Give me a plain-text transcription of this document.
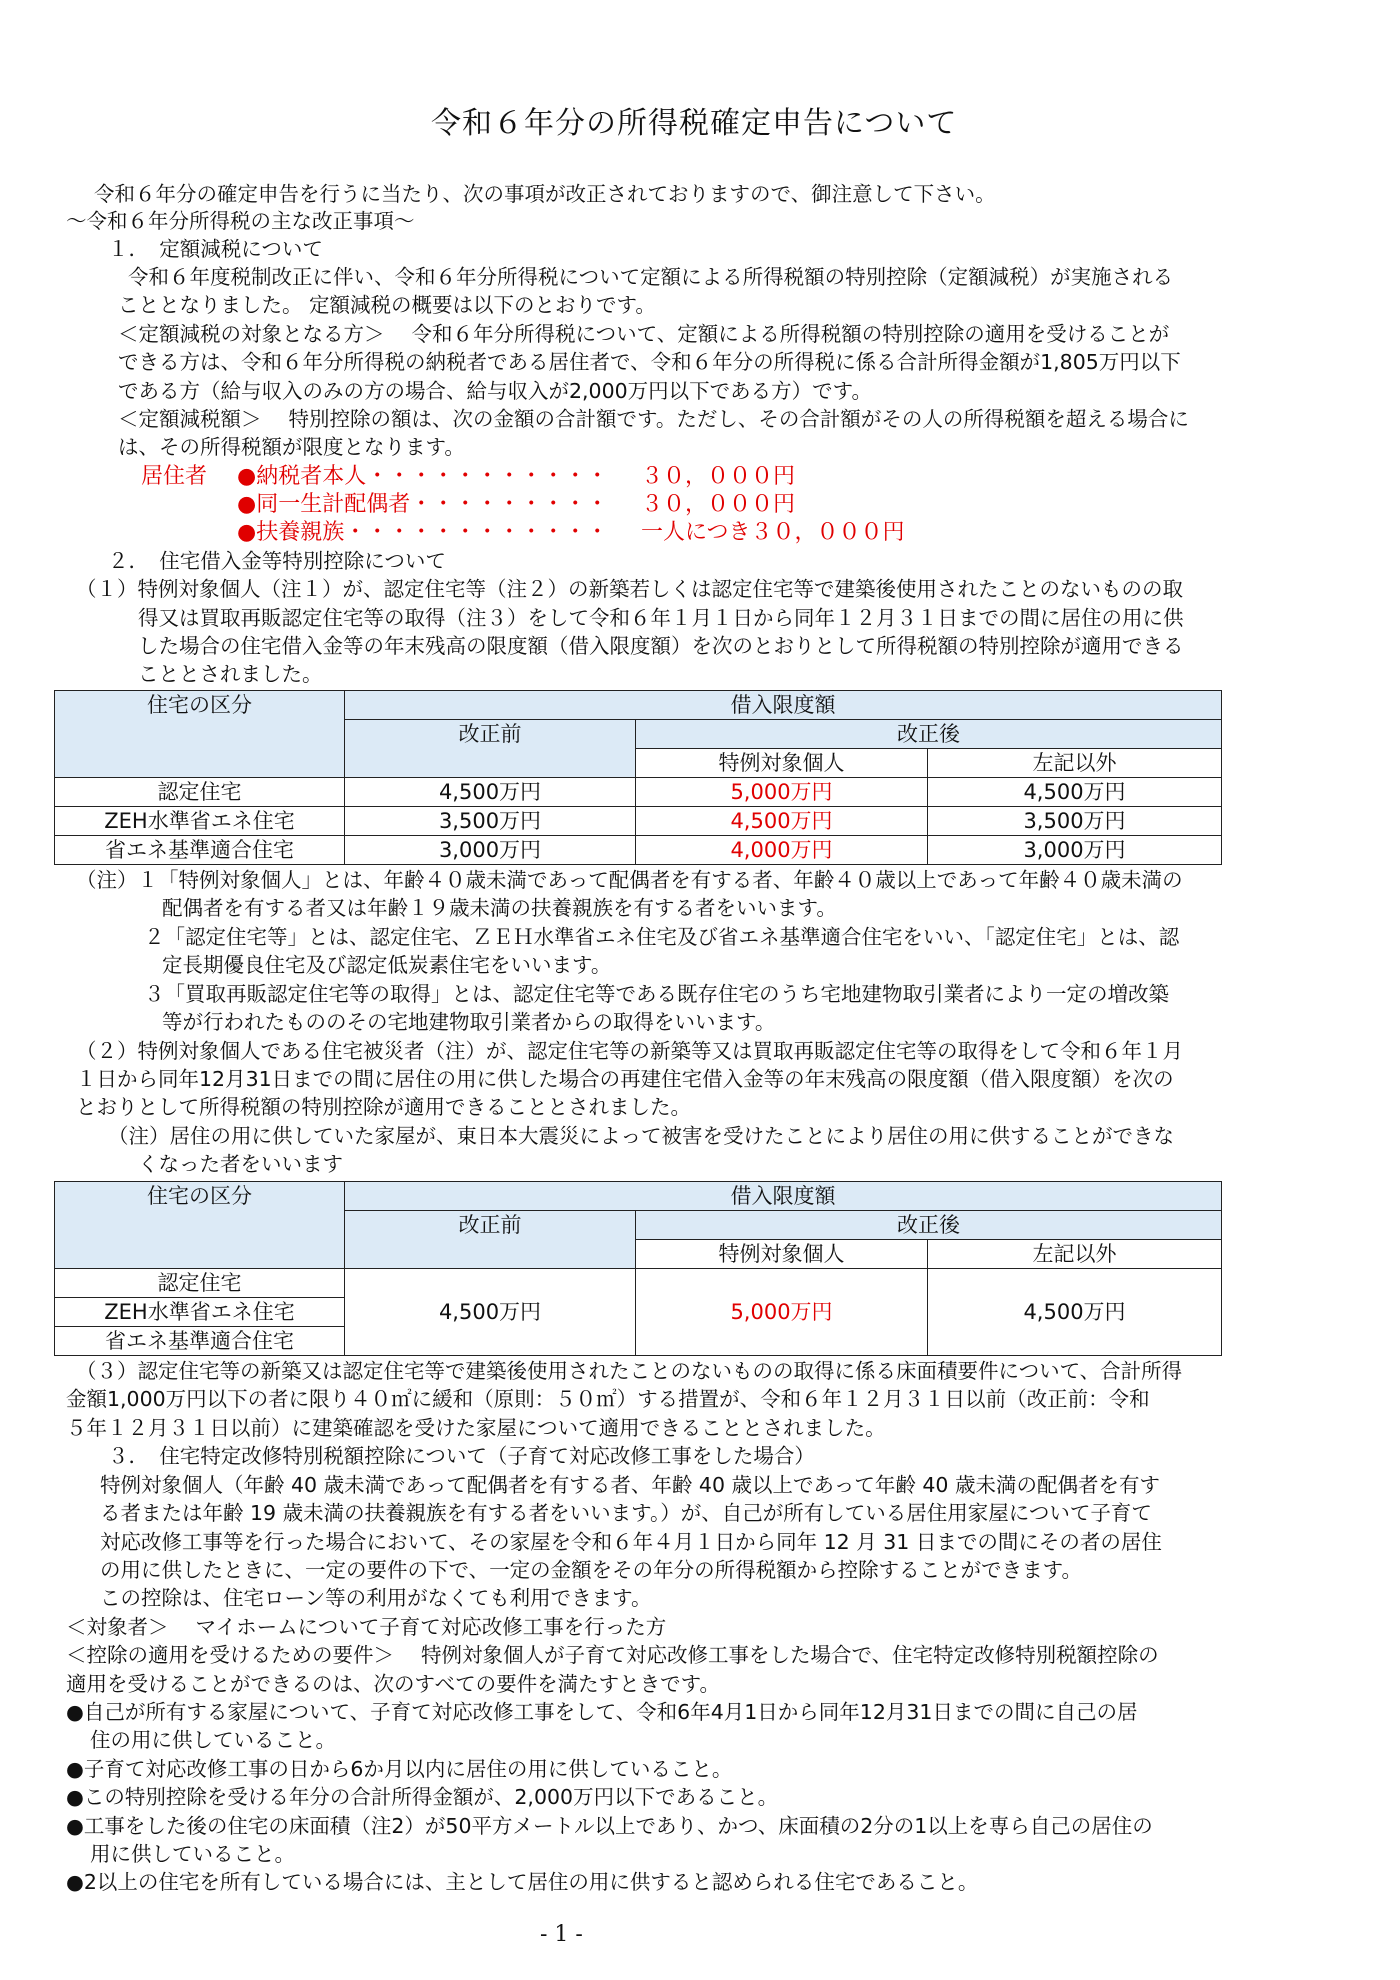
令和６年分の所得税確定申告について
令和６年分の確定申告を行うに当たり、次の事項が改正されておりますので、御注意して下さい。
～令和６年分所得税の主な改正事項～
１．　定額減税について
令和６年度税制改正に伴い、令和６年分所得税について定額による所得税額の特別控除（定額減税）が実施される
こととなりました。 定額減税の概要は以下のとおりです。
＜定額減税の対象となる方＞　 令和６年分所得税について、定額による所得税額の特別控除の適用を受けることが
できる方は、令和６年分所得税の納税者である居住者で、令和６年分の所得税に係る合計所得金額が1,805万円以下
である方（給与収入のみの方の場合、給与収入が2,000万円以下である方）です。
＜定額減税額＞　 特別控除の額は、次の金額の合計額です。ただし、その合計額がその人の所得税額を超える場合に
は、その所得税額が限度となります。
居住者 ●納税者本人・・・・・・・・・・・ ３０，０００円
●同一生計配偶者・・・・・・・・・ ３０，０００円
●扶養親族・・・・・・・・・・・・ 一人につき３０，０００円
２．　住宅借入金等特別控除について
（１）特例対象個人（注１）が、認定住宅等（注２）の新築若しくは認定住宅等で建築後使用されたことのないものの取
得又は買取再販認定住宅等の取得（注３）をして令和６年１月１日から同年１２月３１日までの間に居住の用に供
した場合の住宅借入金等の年末残高の限度額（借入限度額）を次のとおりとして所得税額の特別控除が適用できる
こととされました。
住宅の区分	借入限度額		
	改正前	改正後	
		特例対象個人	左記以外
認定住宅	4,500万円	5,000万円	4,500万円
ZEH水準省エネ住宅	3,500万円	4,500万円	3,500万円
省エネ基準適合住宅	3,000万円	4,000万円	3,000万円
（注）１「特例対象個人」とは、年齢４０歳未満であって配偶者を有する者、年齢４０歳以上であって年齢４０歳未満の
配偶者を有する者又は年齢１９歳未満の扶養親族を有する者をいいます。
２「認定住宅等」とは、認定住宅、ＺＥＨ水準省エネ住宅及び省エネ基準適合住宅をいい、「認定住宅」とは、認
定長期優良住宅及び認定低炭素住宅をいいます。
３「買取再販認定住宅等の取得」とは、認定住宅等である既存住宅のうち宅地建物取引業者により一定の増改築
等が行われたもののその宅地建物取引業者からの取得をいいます。
（２）特例対象個人である住宅被災者（注）が、認定住宅等の新築等又は買取再販認定住宅等の取得をして令和６年１月
１日から同年12月31日までの間に居住の用に供した場合の再建住宅借入金等の年末残高の限度額（借入限度額）を次の
とおりとして所得税額の特別控除が適用できることとされました。
（注）居住の用に供していた家屋が、東日本大震災によって被害を受けたことにより居住の用に供することができな
くなった者をいいます
住宅の区分	借入限度額		
	改正前	改正後	
		特例対象個人	左記以外
認定住宅	4,500万円	5,000万円	4,500万円
ZEH水準省エネ住宅			
省エネ基準適合住宅			
（３）認定住宅等の新築又は認定住宅等で建築後使用されたことのないものの取得に係る床面積要件について、合計所得
金額1,000万円以下の者に限り４０㎡に緩和（原則：５０㎡）する措置が、令和６年１２月３１日以前（改正前：令和
５年１２月３１日以前）に建築確認を受けた家屋について適用できることとされました。
３．　住宅特定改修特別税額控除について（子育て対応改修工事をした場合）
特例対象個人（年齢 40 歳未満であって配偶者を有する者、年齢 40 歳以上であって年齢 40 歳未満の配偶者を有す
る者または年齢 19 歳未満の扶養親族を有する者をいいます。）が、自己が所有している居住用家屋について子育て
対応改修工事等を行った場合において、その家屋を令和６年４月１日から同年 12 月 31 日までの間にその者の居住
の用に供したときに、一定の要件の下で、一定の金額をその年分の所得税額から控除することができます。
この控除は、住宅ローン等の利用がなくても利用できます。
＜対象者＞　 マイホームについて子育て対応改修工事を行った方
＜控除の適用を受けるための要件＞　 特例対象個人が子育て対応改修工事をした場合で、住宅特定改修特別税額控除の
適用を受けることができるのは、次のすべての要件を満たすときです。
●自己が所有する家屋について、子育て対応改修工事をして、令和6年4月1日から同年12月31日までの間に自己の居
住の用に供していること。
●子育て対応改修工事の日から6か月以内に居住の用に供していること。
●この特別控除を受ける年分の合計所得金額が、2,000万円以下であること。
●工事をした後の住宅の床面積（注2）が50平方メートル以上であり、かつ、床面積の2分の1以上を専ら自己の居住の
用に供していること。
●2以上の住宅を所有している場合には、主として居住の用に供すると認められる住宅であること。
- 1 -
